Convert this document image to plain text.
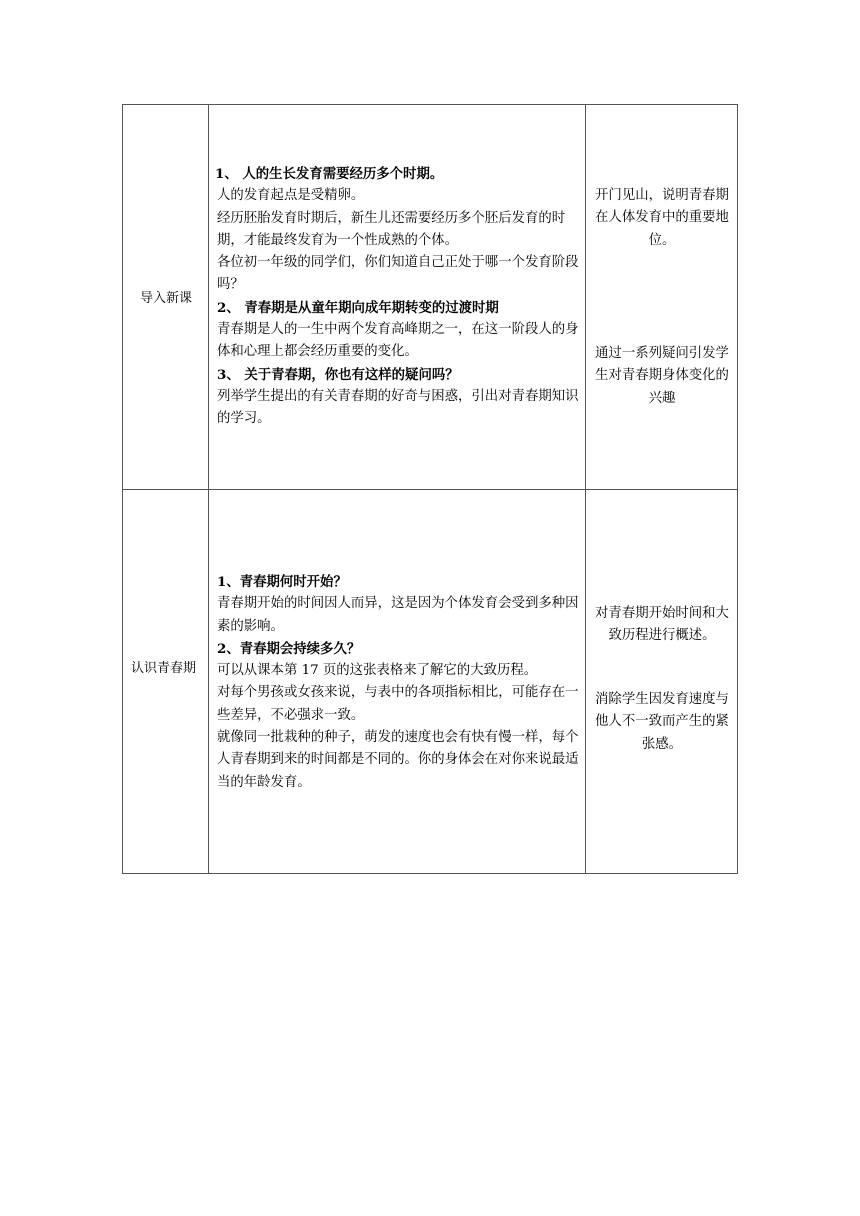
导入新课

1、 人的生长发育需要经历多个时期。

人的发育起点是受精卵。

经历胚胎发育时期后，新生儿还需要经历多个胚后发育的时期，才能最终发育为一个性成熟的个体。

各位初一年级的同学们，你们知道自己正处于哪一个发育阶段吗？

2、 青春期是从童年期向成年期转变的过渡时期

青春期是人的一生中两个发育高峰期之一，在这一阶段人的身体和心理上都会经历重要的变化。

3、 关于青春期，你也有这样的疑问吗？

列举学生提出的有关青春期的好奇与困惑，引出对青春期知识的学习。

开门见山，说明青春期在人体发育中的重要地位。
通过一系列疑问引发学生对青春期身体变化的兴趣
认识青春期

1、青春期何时开始？

青春期开始的时间因人而异，这是因为个体发育会受到多种因素的影响。

2、青春期会持续多久？

可以从课本第 17 页的这张表格来了解它的大致历程。

对每个男孩或女孩来说，与表中的各项指标相比，可能存在一些差异，不必强求一致。

就像同一批栽种的种子，萌发的速度也会有快有慢一样，每个人青春期到来的时间都是不同的。你的身体会在对你来说最适当的年龄发育。

对青春期开始时间和大致历程进行概述。
消除学生因发育速度与他人不一致而产生的紧张感。
